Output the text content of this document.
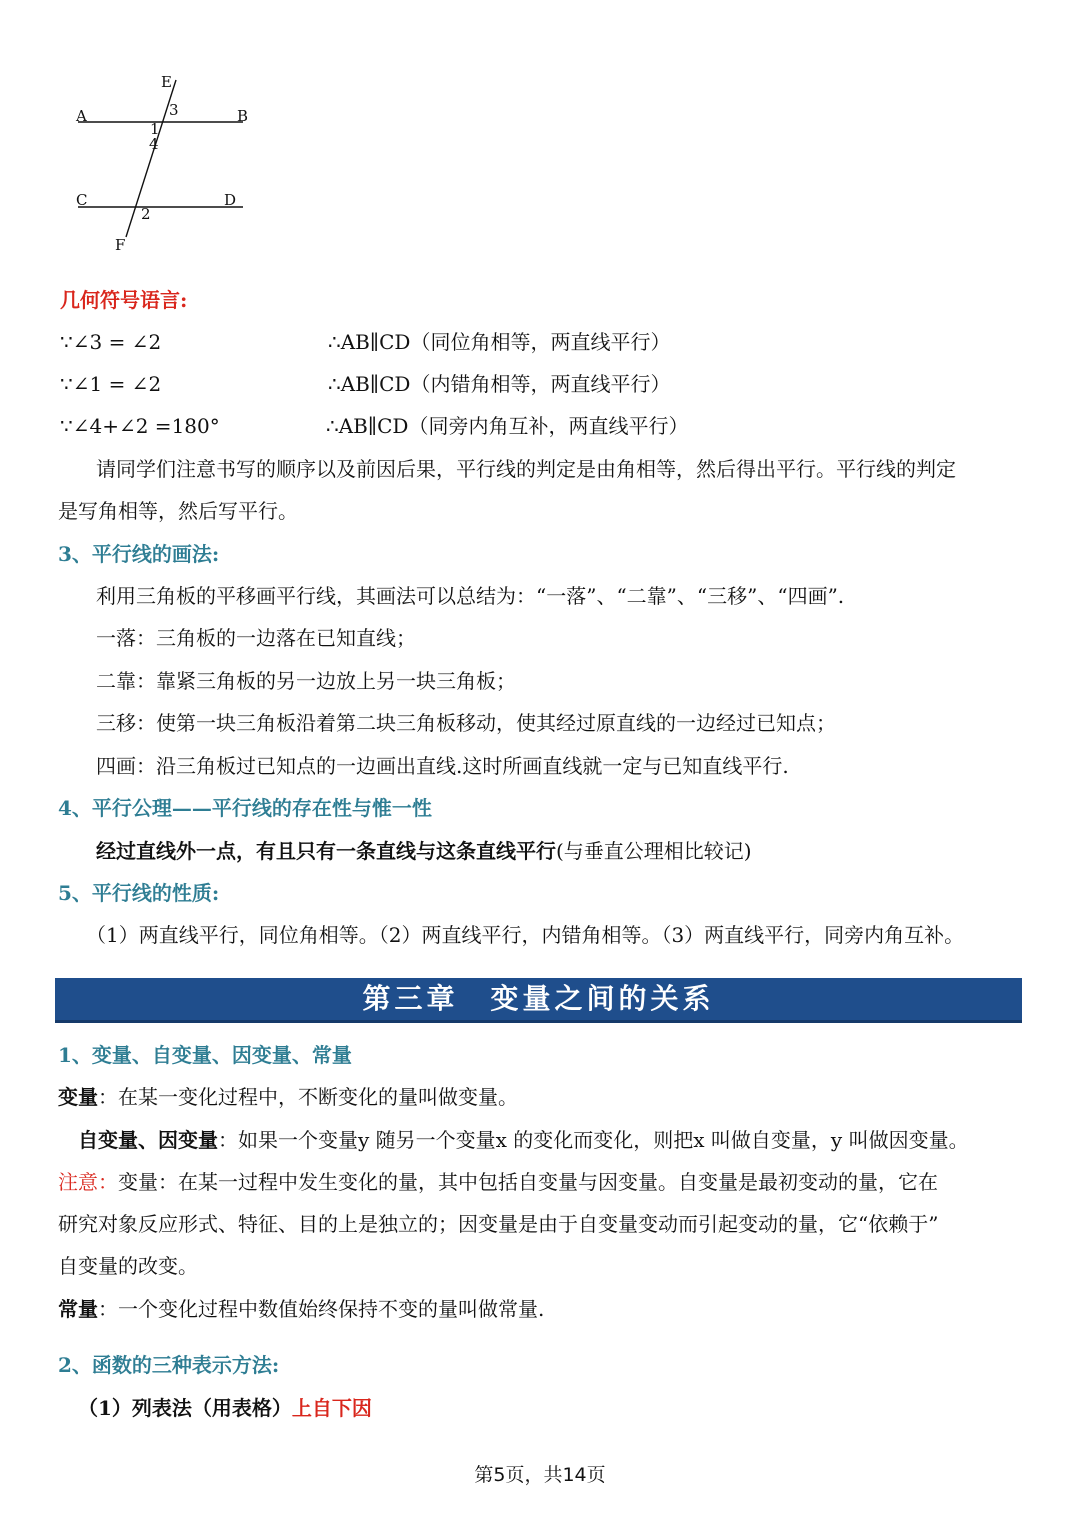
E
A	B
3
1
4
C	D
2
F
几何符号语言:
∵∠3 = ∠2	∴AB∥CD（同位角相等，两直线平行）
∵∠1 = ∠2	∴AB∥CD（内错角相等，两直线平行）
∵∠4+∠2 =180°	∴AB∥CD（同旁内角互补，两直线平行）
请同学们注意书写的顺序以及前因后果，平行线的判定是由角相等，然后得出平行。平行线的判定
是写角相等，然后写平行。
3、平行线的画法:
利用三角板的平移画平行线，其画法可以总结为：“一落”、“二靠”、“三移”、“四画”.
一落：三角板的一边落在已知直线；
二靠：靠紧三角板的另一边放上另一块三角板；
三移：使第一块三角板沿着第二块三角板移动，使其经过原直线的一边经过已知点；
四画：沿三角板过已知点的一边画出直线.这时所画直线就一定与已知直线平行.
4、平行公理——平行线的存在性与惟一性
经过直线外一点，有且只有一条直线与这条直线平行(与垂直公理相比较记)
5、平行线的性质:
（1）两直线平行，同位角相等。（2）两直线平行，内错角相等。（3）两直线平行，同旁内角互补。
第三章　变量之间的关系
1、变量、自变量、因变量、常量
变量：在某一变化过程中，不断变化的量叫做变量。
自变量、因变量：如果一个变量y 随另一个变量x 的变化而变化，则把x 叫做自变量，y 叫做因变量。
注意：变量：在某一过程中发生变化的量，其中包括自变量与因变量。自变量是最初变动的量，它在
研究对象反应形式、特征、目的上是独立的；因变量是由于自变量变动而引起变动的量，它“依赖于”
自变量的改变。
常量：一个变化过程中数值始终保持不变的量叫做常量.
2、函数的三种表示方法:
（1）列表法（用表格）上自下因
第5页，共14页
